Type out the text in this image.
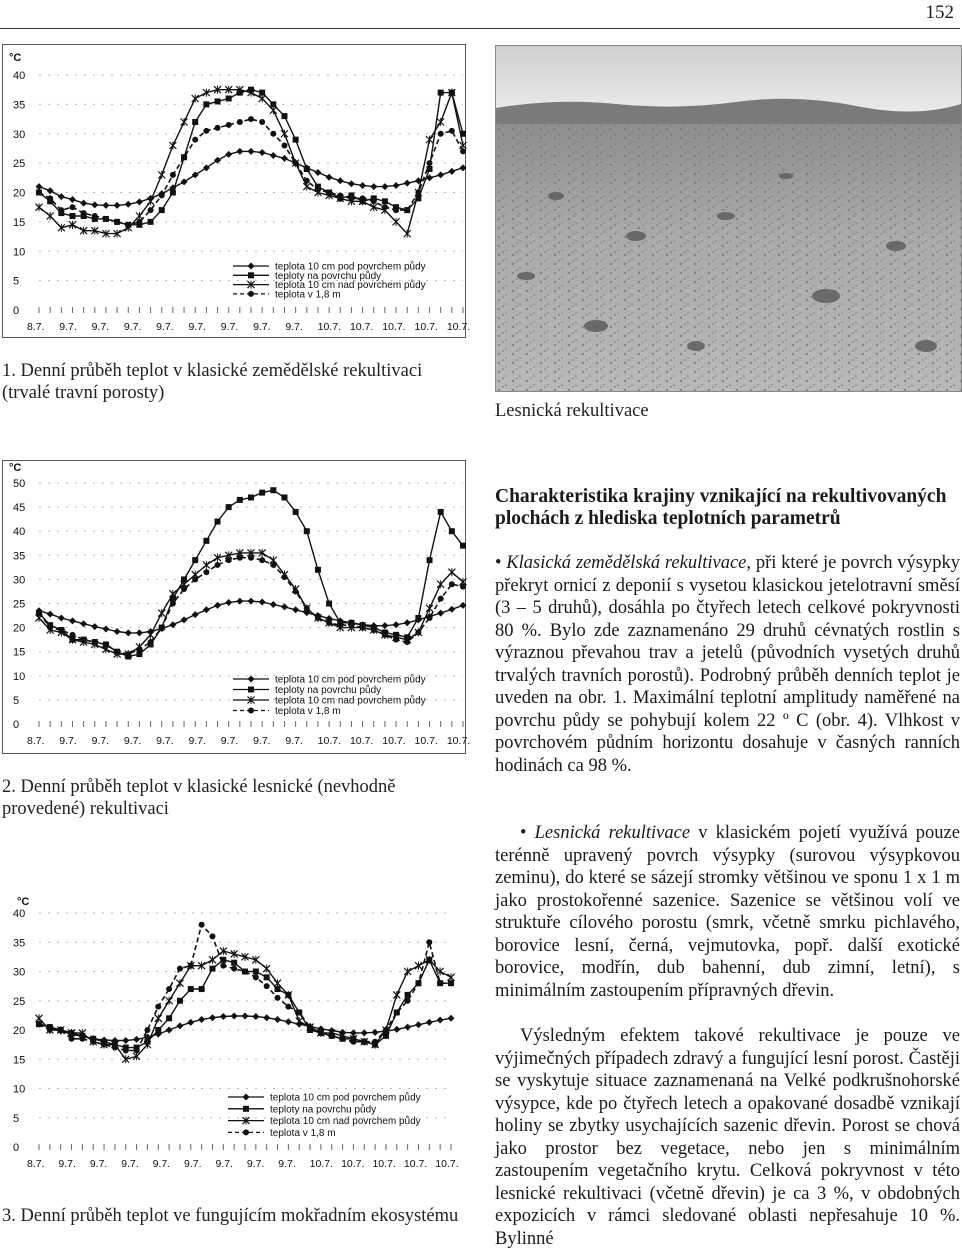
152
°C
0
5
10
15
20
25
30
35
40
8.7. 9.7. 9.7. 9.7. 9.7. 9.7. 9.7. 9.7. 9.7. 10.7. 10.7. 10.7. 10.7. 10.7.
teplota 10 cm pod povrchem půdy
teploty na povrchu půdy
teplota 10 cm nad povrchem půdy
teplota v 1,8 m
1. Denní průběh teplot v klasické zemědělské rekultivaci (trvalé travní porosty)
°C
0
5
10
15
20
25
30
35
40
45
50
8.7. 9.7. 9.7. 9.7. 9.7. 9.7. 9.7. 9.7. 9.7. 10.7. 10.7. 10.7. 10.7. 10.7.
teplota 10 cm pod povrchem půdy
teploty na povrchu půdy
teplota 10 cm nad povrchem půdy
teplota v 1,8 m
2. Denní průběh teplot v klasické lesnické (nevhodně provedené) rekultivaci
°C
0
5
10
15
20
25
30
35
40
8.7. 9.7. 9.7. 9.7. 9.7. 9.7. 9.7. 9.7. 9.7. 10.7. 10.7. 10.7. 10.7. 10.7.
teplota 10 cm pod povrchem půdy
teploty na povrchu půdy
teplota 10 cm nad povrchem půdy
teplota v 1,8 m
3. Denní průběh teplot ve fungujícím mokřadním ekosystému
Lesnická rekultivace
Charakteristika krajiny vznikající na rekultivovaných plochách z hlediska teplotních parametrů
• Klasická zemědělská rekultivace, při které je povrch výsypky překryt ornicí z deponií s vysetou klasickou jetelotravní směsí (3 – 5 druhů), dosáhla po čtyřech letech celkové pokryvnosti 80 %. Bylo zde zaznamenáno 29 druhů cévnatých rostlin s výraznou převahou trav a jetelů (původních vysetých druhů trvalých travních porostů). Podrobný průběh denních teplot je uveden na obr. 1. Maximální teplotní amplitudy naměřené na povrchu půdy se pohybují kolem 22 º C (obr. 4). Vlhkost v povrchovém půdním horizontu dosahuje v časných ranních hodinách ca 98 %.
• Lesnická rekultivace v klasickém pojetí využívá pouze terénně upravený povrch výsypky (surovou výsypkovou zeminu), do které se sázejí stromky většinou ve sponu 1 x 1 m jako prostokořenné sazenice. Sazenice se většinou volí ve struktuře cílového porostu (smrk, včetně smrku pichlavého, borovice lesní, černá, vejmutovka, popř. další exotické borovice, modřín, dub bahenní, dub zimní, letní), s minimálním zastoupením přípravných dřevin.
Výsledným efektem takové rekultivace je pouze ve výjimečných případech zdravý a fungující lesní porost. Častěji se vyskytuje situace zaznamenaná na Velké podkrušnohorské výsypce, kde po čtyřech letech a opakované dosadbě vznikají holiny se zbytky usychajících sazenic dřevin. Porost se chová jako prostor bez vegetace, nebo jen s minimálním zastoupením vegetačního krytu. Celková pokryvnost v této lesnické rekultivaci (včetně dřevin) je ca 3 %, v obdobných expozicích v rámci sledované oblasti nepřesahuje 10 %. Bylinné
